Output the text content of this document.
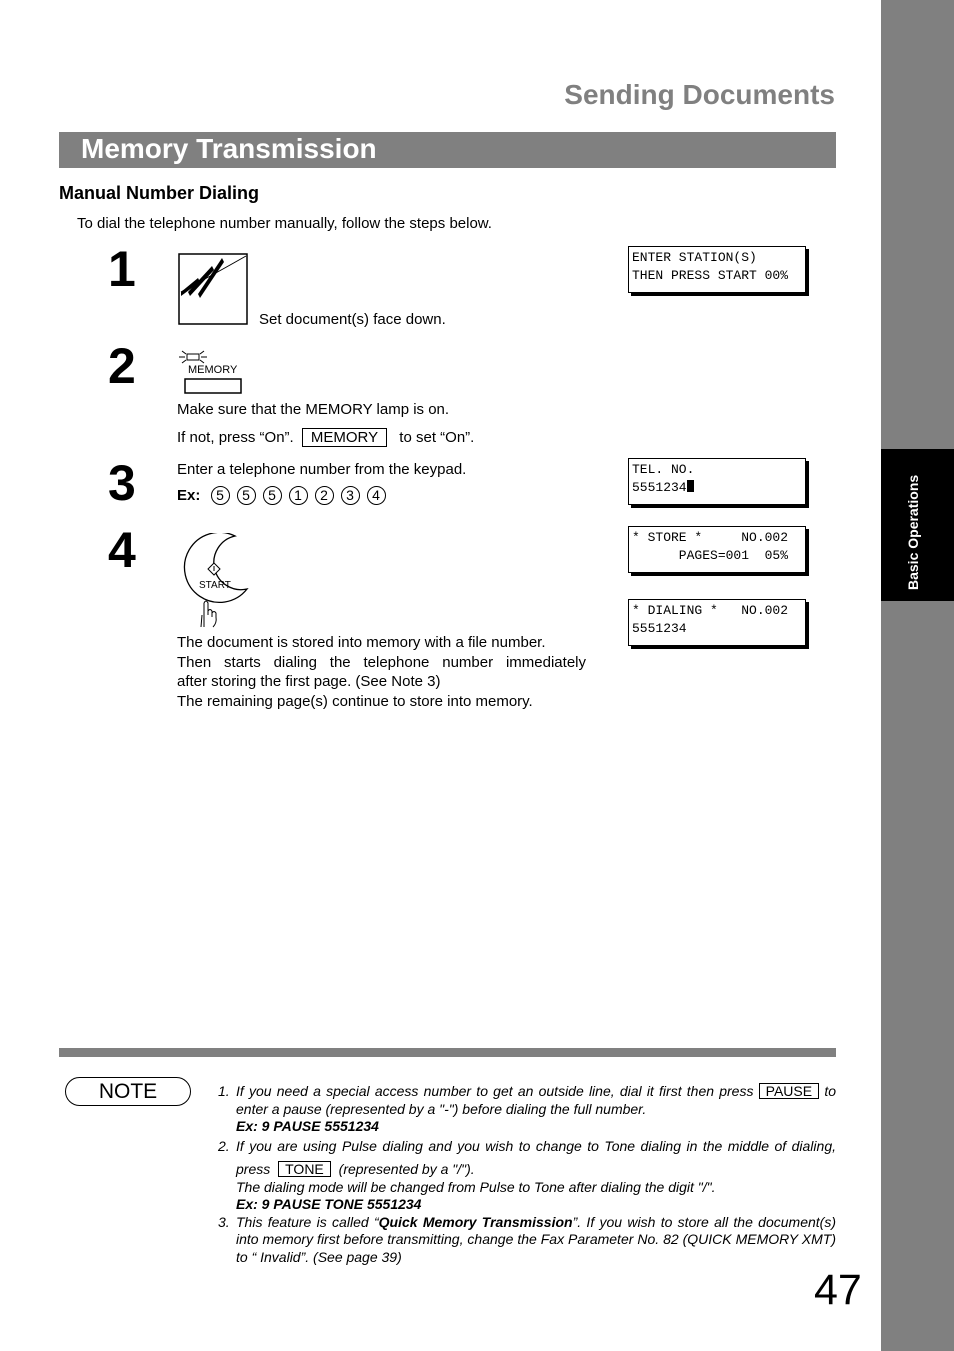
Basic Operations
Sending Documents
Memory Transmission
Manual Number Dialing
To dial the telephone number manually, follow the steps below.
1
Set document(s) face down.
2	MEMORY
Make sure that the MEMORY lamp is on.
If not, press “On”. MEMORY to set “On”.
3	Enter a telephone number from the keypad.
Ex: 5 5 5 1 2 3 4
4
START

The document is stored into memory with a file number.

Then starts dialing the telephone number immediately

after storing the first page. (See Note 3)

The remaining page(s) continue to store into memory.

ENTER STATION(S)
THEN PRESS START 00%
TEL. NO.
5551234
* STORE *     NO.002
PAGES=001  05%
* DIALING *   NO.002
5551234
NOTE	1. If you need a special access number to get an outside line, dial it first then press PAUSE to
enter a pause (represented by a "-") before dialing the full number.
Ex: 9 PAUSE 5551234
2. If you are using Pulse dialing and you wish to change to Tone dialing in the middle of dialing,
press TONE (represented by a "/").
The dialing mode will be changed from Pulse to Tone after dialing the digit "/".
Ex: 9 PAUSE TONE 5551234
3. This feature is called “Quick Memory Transmission”. If you wish to store all the document(s) into memory first before transmitting, change the Fax Parameter No. 82 (QUICK MEMORY XMT) to “ Invalid”. (See page 39)
47
